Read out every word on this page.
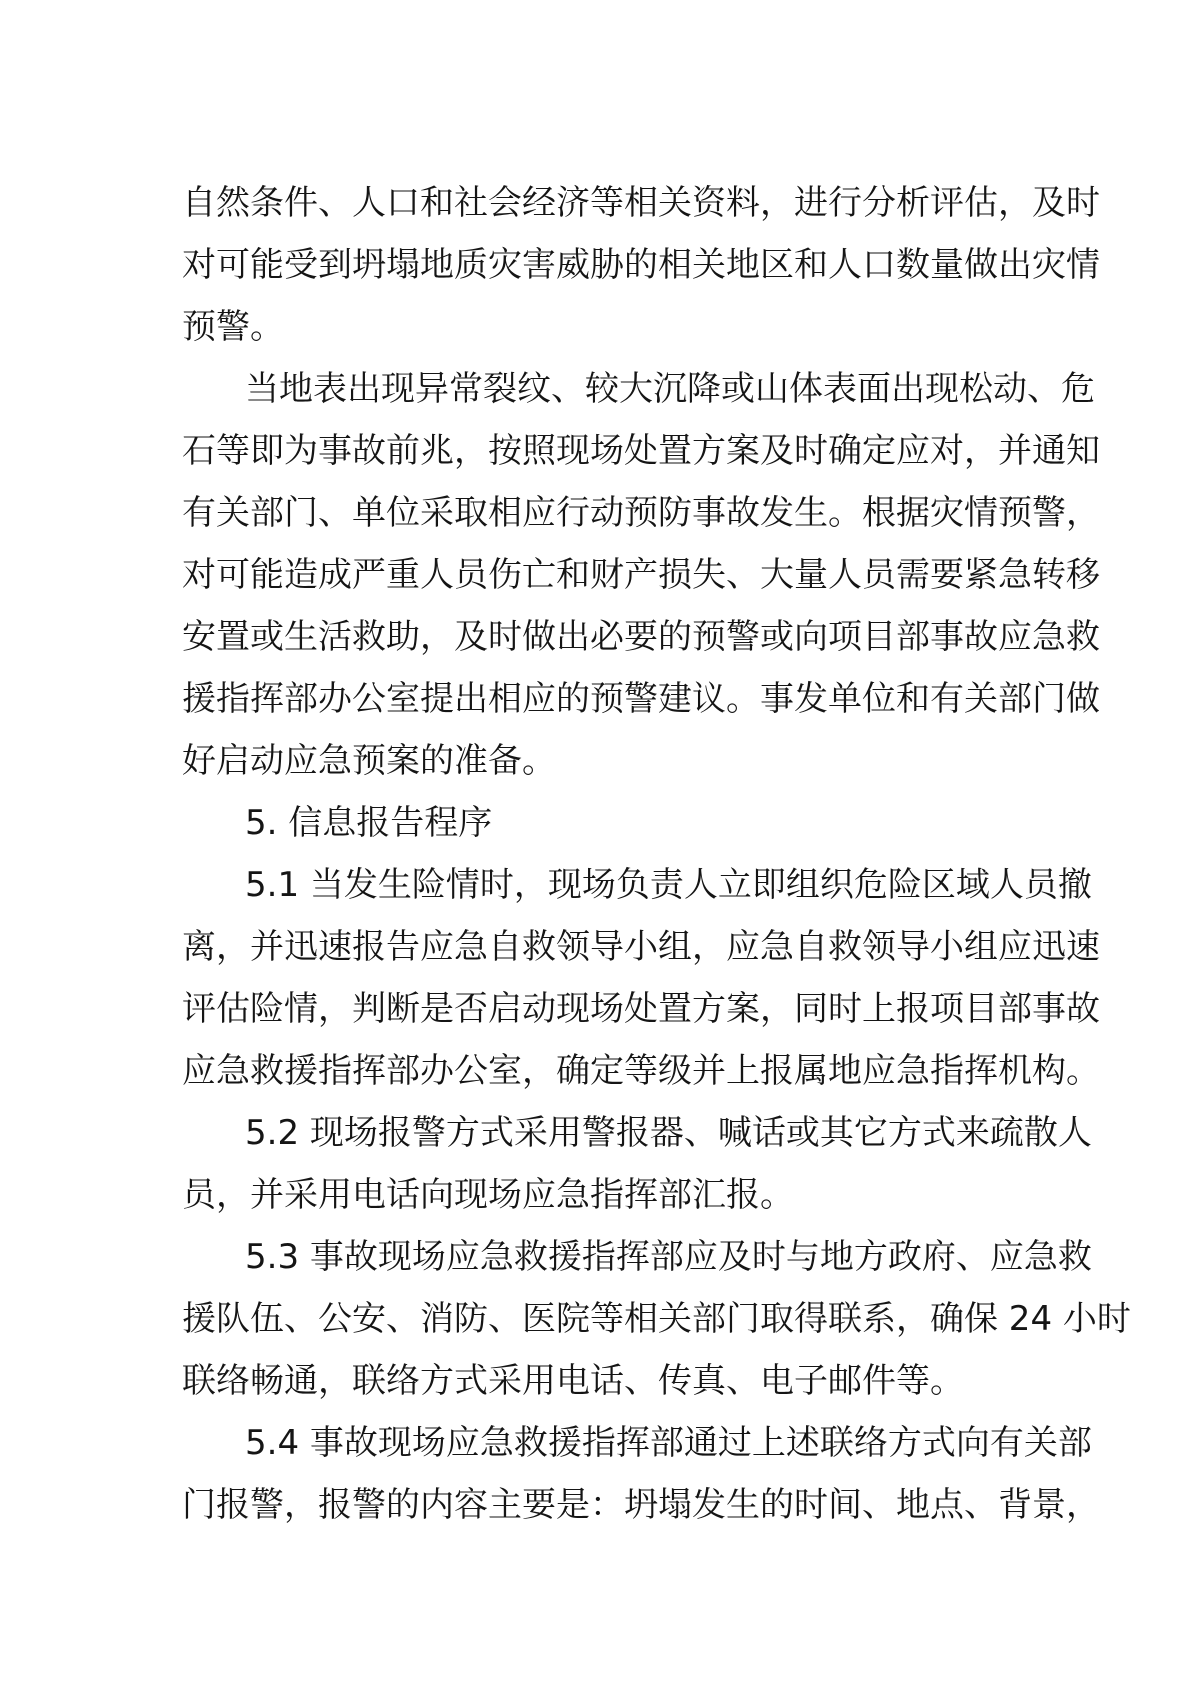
自然条件、人口和社会经济等相关资料，进行分析评估，及时
对可能受到坍塌地质灾害威胁的相关地区和人口数量做出灾情
预警。

当地表出现异常裂纹、较大沉降或山体表面出现松动、危
石等即为事故前兆，按照现场处置方案及时确定应对，并通知
有关部门、单位采取相应行动预防事故发生。根据灾情预警，
对可能造成严重人员伤亡和财产损失、大量人员需要紧急转移
安置或生活救助，及时做出必要的预警或向项目部事故应急救
援指挥部办公室提出相应的预警建议。事发单位和有关部门做
好启动应急预案的准备。

5. 信息报告程序

5.1 当发生险情时，现场负责人立即组织危险区域人员撤
离，并迅速报告应急自救领导小组，应急自救领导小组应迅速
评估险情，判断是否启动现场处置方案，同时上报项目部事故
应急救援指挥部办公室，确定等级并上报属地应急指挥机构。

5.2 现场报警方式采用警报器、喊话或其它方式来疏散人
员，并采用电话向现场应急指挥部汇报。

5.3 事故现场应急救援指挥部应及时与地方政府、应急救
援队伍、公安、消防、医院等相关部门取得联系，确保 24 小时
联络畅通，联络方式采用电话、传真、电子邮件等。

5.4 事故现场应急救援指挥部通过上述联络方式向有关部
门报警，报警的内容主要是：坍塌发生的时间、地点、背景，
